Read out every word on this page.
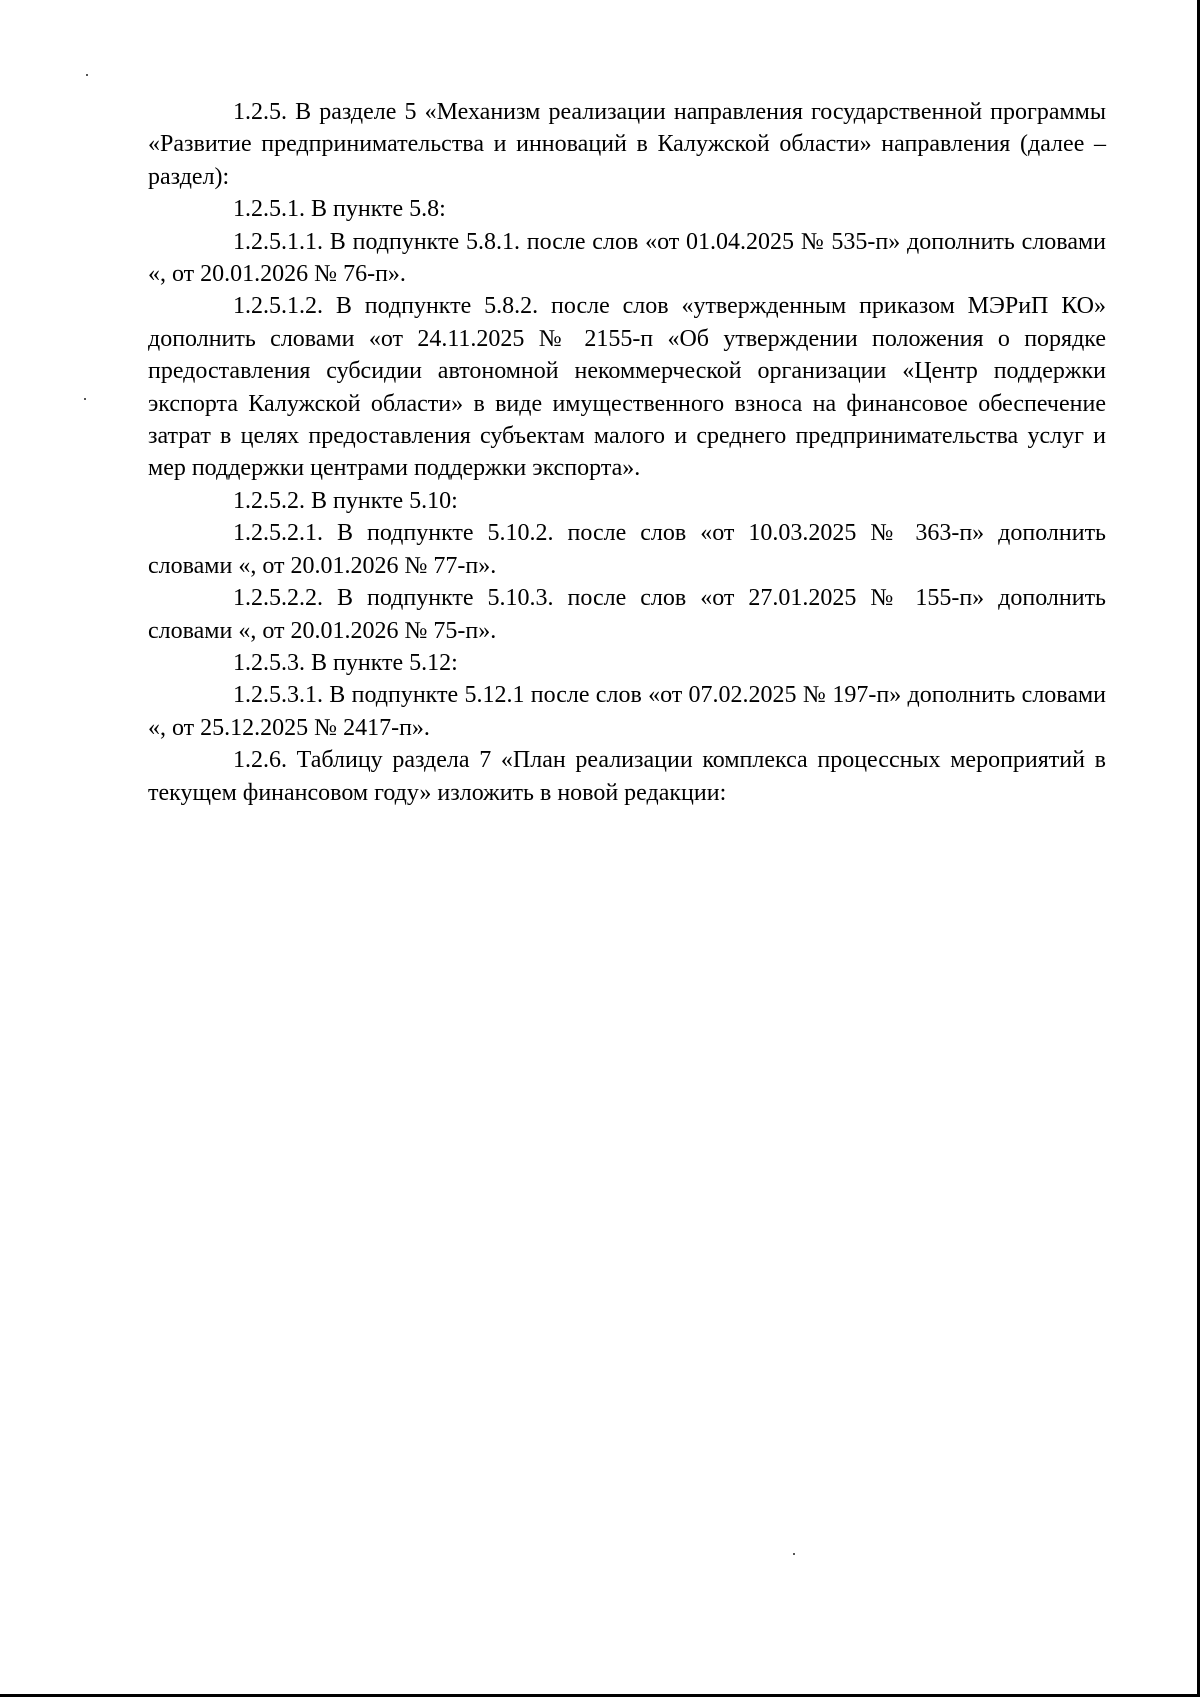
1.2.5. В разделе 5 «Механизм реализации направления государственной программы «Развитие предпринимательства и инноваций в Калужской области» направления (далее – раздел):

1.2.5.1. В пункте 5.8:

1.2.5.1.1. В подпункте 5.8.1. после слов «от 01.04.2025 № 535-п» дополнить словами «, от 20.01.2026 № 76-п».

1.2.5.1.2. В подпункте 5.8.2. после слов «утвержденным приказом МЭРиП КО» дополнить словами «от 24.11.2025 № 2155-п «Об утверждении положения о порядке предоставления субсидии автономной некоммерческой организации «Центр поддержки экспорта Калужской области» в виде имущественного взноса на финансовое обеспечение затрат в целях предоставления субъектам малого и среднего предпринимательства услуг и мер поддержки центрами поддержки экспорта».

1.2.5.2. В пункте 5.10:

1.2.5.2.1. В подпункте 5.10.2. после слов «от 10.03.2025 № 363-п» дополнить словами «, от 20.01.2026 № 77-п».

1.2.5.2.2. В подпункте 5.10.3. после слов «от 27.01.2025 № 155-п» дополнить словами «, от 20.01.2026 № 75-п».

1.2.5.3. В пункте 5.12:

1.2.5.3.1. В подпункте 5.12.1 после слов «от 07.02.2025 № 197-п» дополнить словами «, от 25.12.2025 № 2417-п».

1.2.6. Таблицу раздела 7 «План реализации комплекса процессных мероприятий в текущем финансовом году» изложить в новой редакции:
